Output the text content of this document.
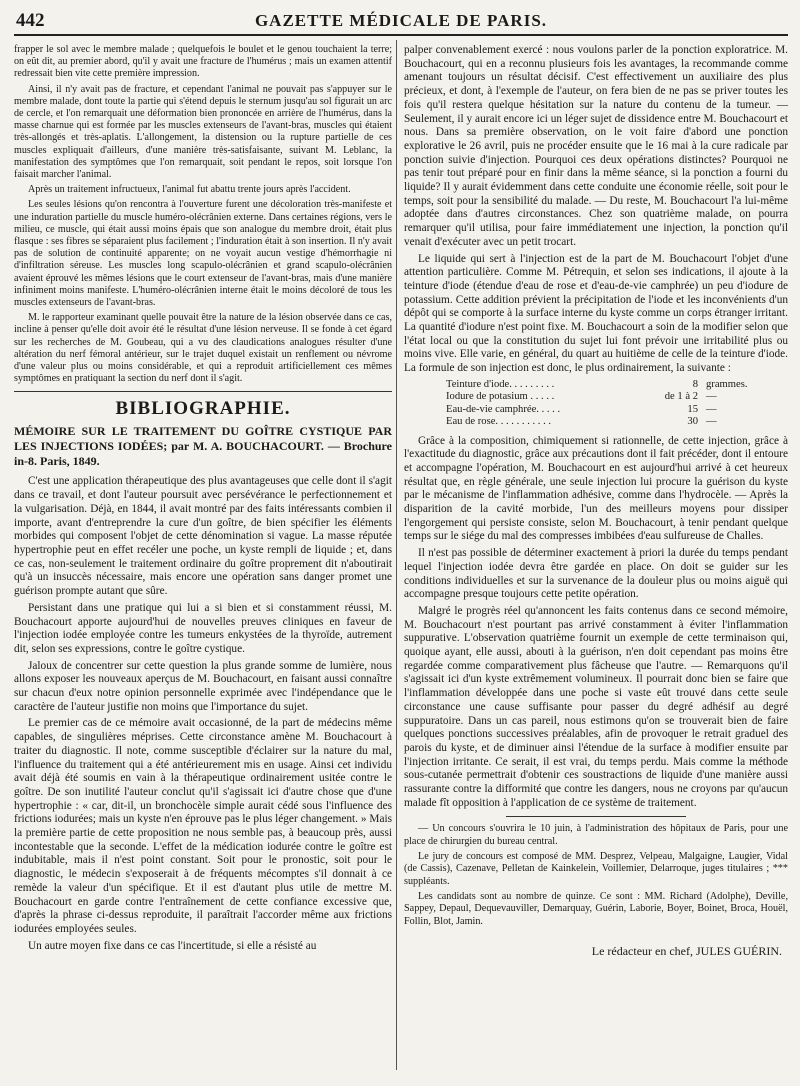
442	GAZETTE MÉDICALE DE PARIS.

frapper le sol avec le membre malade ; quelquefois le boulet et le genou touchaient la terre; on eût dit, au premier abord, qu'il y avait une fracture de l'humérus ; mais un examen attentif redressait bien vite cette première impression.

Ainsi, il n'y avait pas de fracture, et cependant l'animal ne pouvait pas s'appuyer sur le membre malade, dont toute la partie qui s'étend depuis le sternum jusqu'au sol figurait un arc de cercle, et l'on remarquait une déformation bien prononcée en arrière de l'humérus, dans la masse charnue qui est formée par les muscles extenseurs de l'avant-bras, muscles qui étaient très-allongés et très-aplatis. L'allongement, la distension ou la rupture partielle de ces muscles expliquait d'ailleurs, d'une manière très-satisfaisante, suivant M. Leblanc, la manifestation des symptômes que l'on remarquait, soit pendant le repos, soit lorsque l'on faisait marcher l'animal.

Après un traitement infructueux, l'animal fut abattu trente jours après l'accident.

Les seules lésions qu'on rencontra à l'ouverture furent une décoloration très-manifeste et une induration partielle du muscle huméro-olécrânien externe. Dans certaines régions, vers le milieu, ce muscle, qui était aussi moins épais que son analogue du membre droit, était plus flasque : ses fibres se séparaient plus facilement ; l'induration était à son insertion. Il n'y avait pas de solution de continuité apparente; on ne voyait aucun vestige d'hémorrhagie ni d'infiltration séreuse. Les muscles long scapulo-olécrânien et grand scapulo-olécrânien avaient éprouvé les mêmes lésions que le court extenseur de l'avant-bras, mais d'une manière infiniment moins manifeste. L'huméro-olécrânien interne était le moins décoloré de tous les muscles extenseurs de l'avant-bras.

M. le rapporteur examinant quelle pouvait être la nature de la lésion observée dans ce cas, incline à penser qu'elle doit avoir été le résultat d'une lésion nerveuse. Il se fonde à cet égard sur les recherches de M. Goubeau, qui a vu des claudications analogues résulter d'une altération du nerf fémoral antérieur, sur le trajet duquel existait un renflement ou névrome d'une valeur plus ou moins considérable, et qui a reproduit artificiellement ces mêmes symptômes en pratiquant la section du nerf dont il s'agit.

BIBLIOGRAPHIE.
MÉMOIRE SUR LE TRAITEMENT DU GOÎTRE CYSTIQUE PAR LES INJECTIONS IODÉES; par M. A. BOUCHACOURT. — Brochure in-8. Paris, 1849.

C'est une application thérapeutique des plus avantageuses que celle dont il s'agit dans ce travail, et dont l'auteur poursuit avec persévérance le perfectionnement et la vulgarisation. Déjà, en 1844, il avait montré par des faits intéressants combien il importe, avant d'entreprendre la cure d'un goître, de bien spécifier les éléments morbides qui composent l'objet de cette dénomination si vague. La masse réputée hypertrophie peut en effet recéler une poche, un kyste rempli de liquide ; et, dans ce cas, non-seulement le traitement ordinaire du goître proprement dit n'aboutirait qu'à un insuccès nécessaire, mais encore une opération sans danger promet une guérison prompte autant que sûre.

Persistant dans une pratique qui lui a si bien et si constamment réussi, M. Bouchacourt apporte aujourd'hui de nouvelles preuves cliniques en faveur de l'injection iodée employée contre les tumeurs enkystées de la thyroïde, autrement dit, selon ses expressions, contre le goître cystique.

Jaloux de concentrer sur cette question la plus grande somme de lumière, nous allons exposer les nouveaux aperçus de M. Bouchacourt, en faisant aussi connaître sur chacun d'eux notre opinion personnelle exprimée avec l'indépendance que le caractère de l'auteur justifie non moins que l'importance du sujet.

Le premier cas de ce mémoire avait occasionné, de la part de médecins même capables, de singulières méprises. Cette circonstance amène M. Bouchacourt à traiter du diagnostic. Il note, comme susceptible d'éclairer sur la nature du mal, l'influence du traitement qui a été antérieurement mis en usage. Ainsi cet individu avait déjà été soumis en vain à la thérapeutique ordinairement usitée contre le goître. De son inutilité l'auteur conclut qu'il s'agissait ici d'autre chose que d'une hypertrophie : « car, dit-il, un bronchocèle simple aurait cédé sous l'influence des frictions iodurées; mais un kyste n'en éprouve pas le plus léger changement. » Mais la première partie de cette proposition ne nous semble pas, à beaucoup près, aussi incontestable que la seconde. L'effet de la médication iodurée contre le goître est indubitable, mais il n'est point constant. Soit pour le pronostic, soit pour le diagnostic, le médecin s'exposerait à de fréquents mécomptes s'il donnait à ce remède la valeur d'un spécifique. Et il est d'autant plus utile de mettre M. Bouchacourt en garde contre l'entraînement de cette confiance excessive que, d'après la phrase ci-dessus reproduite, il paraîtrait l'accorder même aux frictions iodurées employées seules.

Un autre moyen fixe dans ce cas l'incertitude, si elle a résisté au

palper convenablement exercé : nous voulons parler de la ponction exploratrice. M. Bouchacourt, qui en a reconnu plusieurs fois les avantages, la recommande comme amenant toujours un résultat décisif. C'est effectivement un auxiliaire des plus précieux, et dont, à l'exemple de l'auteur, on fera bien de ne pas se priver toutes les fois qu'il restera quelque hésitation sur la nature du contenu de la tumeur. — Seulement, il y aurait encore ici un léger sujet de dissidence entre M. Bouchacourt et nous. Dans sa première observation, on le voit faire d'abord une ponction explorative le 26 avril, puis ne procéder ensuite que le 16 mai à la cure radicale par ponction suivie d'injection. Pourquoi ces deux opérations distinctes? Pourquoi ne pas tenir tout préparé pour en finir dans la même séance, si la ponction a fourni du liquide? Il y aurait évidemment dans cette conduite une économie réelle, soit pour le temps, soit pour la sensibilité du malade. — Du reste, M. Bouchacourt l'a lui-même adoptée dans d'autres circonstances. Chez son quatrième malade, on pourra remarquer qu'il utilisa, pour faire immédiatement une injection, la ponction qu'il venait d'exécuter avec un petit trocart.

Le liquide qui sert à l'injection est de la part de M. Bouchacourt l'objet d'une attention particulière. Comme M. Pétrequin, et selon ses indications, il ajoute à la teinture d'iode (étendue d'eau de rose et d'eau-de-vie camphrée) un peu d'iodure de potassium. Cette addition prévient la précipitation de l'iode et les inconvénients d'un dépôt qui se comporte à la surface interne du kyste comme un corps étranger irritant. La quantité d'iodure n'est point fixe. M. Bouchacourt a soin de la modifier selon que l'état local ou que la constitution du sujet lui font prévoir une irritabilité plus ou moins vive. Elle varie, en général, du quart au huitième de celle de la teinture d'iode. La formule de son injection est donc, le plus ordinairement, la suivante :

Teinture d'iode. . . . . . . . .	8 grammes.
Iodure de potasium . . . . .	de 1 à 2 —
Eau-de-vie camphrée. . . . .	15 —
Eau de rose. . . . . . . . . . .	30 —

Grâce à la composition, chimiquement si rationnelle, de cette injection, grâce à l'exactitude du diagnostic, grâce aux précautions dont il fait précéder, dont il entoure et accompagne l'opération, M. Bouchacourt en est aujourd'hui arrivé à cet heureux résultat que, en règle générale, une seule injection lui procure la guérison du kyste par le mécanisme de l'inflammation adhésive, comme dans l'hydrocèle. — Après la disparition de la cavité morbide, l'un des meilleurs moyens pour dissiper l'engorgement qui persiste consiste, selon M. Bouchacourt, à tenir pendant quelque temps sur le siége du mal des compresses imbibées d'eau sulfureuse de Challes.

Il n'est pas possible de déterminer exactement à priori la durée du temps pendant lequel l'injection iodée devra être gardée en place. On doit se guider sur les conditions individuelles et sur la survenance de la douleur plus ou moins aiguë qui accompagne presque toujours cette petite opération.

Malgré le progrès réel qu'annoncent les faits contenus dans ce second mémoire, M. Bouchacourt n'est pourtant pas arrivé constamment à éviter l'inflammation suppurative. L'observation quatrième fournit un exemple de cette terminaison qui, quoique ayant, elle aussi, abouti à la guérison, n'en doit cependant pas moins être regardée comme comparativement plus fâcheuse que l'autre. — Remarquons qu'il s'agissait ici d'un kyste extrêmement volumineux. Il pourrait donc bien se faire que l'inflammation développée dans une poche si vaste eût trouvé dans cette seule circonstance une cause suffisante pour passer du degré adhésif au degré suppuratoire. Dans un cas pareil, nous estimons qu'on se trouverait bien de faire quelques ponctions successives préalables, afin de provoquer le retrait graduel des parois du kyste, et de diminuer ainsi l'étendue de la surface à modifier ensuite par l'injection irritante. Ce serait, il est vrai, du temps perdu. Mais comme la méthode sous-cutanée permettrait d'obtenir ces soustractions de liquide d'une manière aussi rassurante contre la difformité que contre les dangers, nous ne croyons par qu'aucun malade fît opposition à l'application de ce système de traitement.

— Un concours s'ouvrira le 10 juin, à l'administration des hôpitaux de Paris, pour une place de chirurgien du bureau central.

Le jury de concours est composé de MM. Desprez, Velpeau, Malgaigne, Laugier, Vidal (de Cassis), Cazenave, Pelletan de Kainkelein, Voillemier, Delarroque, juges titulaires ; *** suppléants.

Les candidats sont au nombre de quinze. Ce sont : MM. Richard (Adolphe), Deville, Sappey, Depaul, Dequevauviller, Demarquay, Guérin, Laborie, Boyer, Boinet, Broca, Houël, Follin, Blot, Jamin.

Le rédacteur en chef, JULES GUÉRIN.
